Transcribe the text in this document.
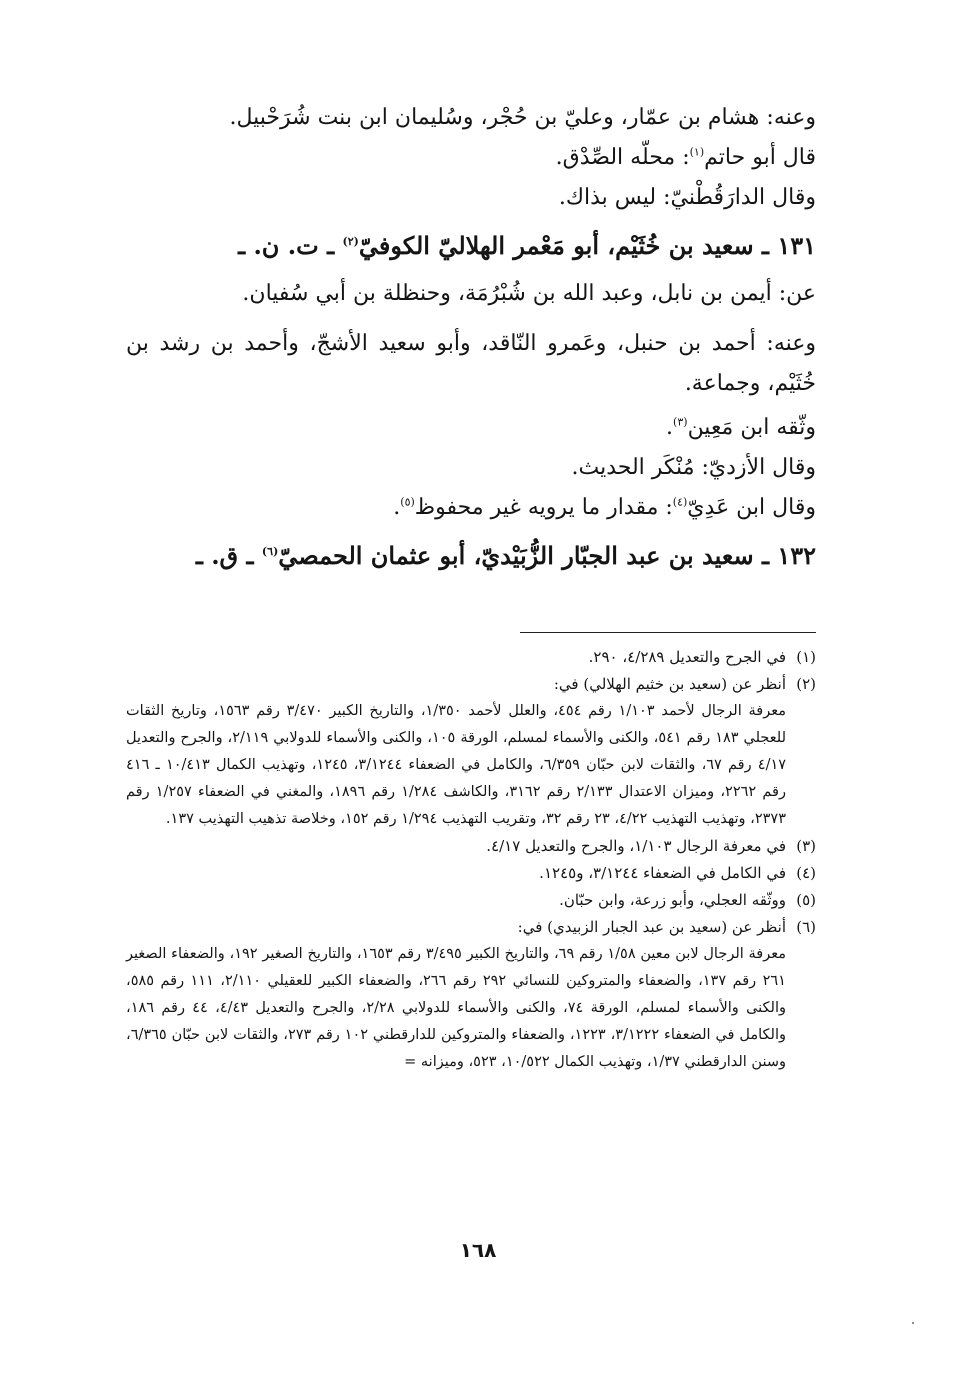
وعنه: هشام بن عمّار، وعليّ بن حُجْر، وسُليمان ابن بنت شُرَحْبيل.
قال أبو حاتم$^{(١)}$: محلّه الصِّدْق.
وقال الدارَقُطْنيّ: ليس بذاك.
١٣١ ـ سعيد بن خُثَيْم، أبو مَعْمر الهلاليّ الكوفيّ$^{(٢)}$ ـ ت. ن. ـ
عن: أيمن بن نابل، وعبد الله بن شُبْرُمَة، وحنظلة بن أبي سُفيان.
وعنه: أحمد بن حنبل، وعَمرو النّاقد، وأبو سعيد الأشجّ، وأحمد بن رشد بن خُثَيْم، وجماعة.
وثّقه ابن مَعِين$^{(٣)}$.
وقال الأزديّ: مُنْكَر الحديث.
وقال ابن عَدِيّ$^{(٤)}$: مقدار ما يرويه غير محفوظ$^{(٥)}$.
١٣٢ ـ سعيد بن عبد الجبّار الزُّبَيْديّ، أبو عثمان الحمصيّ$^{(٦)}$ ـ ق. ـ
(١)
في الجرح والتعديل ٤/٢٨٩، ٢٩٠.
(٢)
أنظر عن (سعيد بن خثيم الهلالي) في:
معرفة الرجال لأحمد ١/١٠٣ رقم ٤٥٤، والعلل لأحمد ١/٣٥٠، والتاريخ الكبير ٣/٤٧٠ رقم ١٥٦٣، وتاريخ الثقات للعجلي ١٨٣ رقم ٥٤١، والكنى والأسماء لمسلم، الورقة ١٠٥، والكنى والأسماء للدولابي ٢/١١٩، والجرح والتعديل ٤/١٧ رقم ٦٧، والثقات لابن حبّان ٦/٣٥٩، والكامل في الضعفاء ٣/١٢٤٤، ١٢٤٥، وتهذيب الكمال ١٠/٤١٣ ـ ٤١٦ رقم ٢٢٦٢، وميزان الاعتدال ٢/١٣٣ رقم ٣١٦٢، والكاشف ١/٢٨٤ رقم ١٨٩٦، والمغني في الضعفاء ١/٢٥٧ رقم ٢٣٧٣، وتهذيب التهذيب ٤/٢٢، ٢٣ رقم ٣٢، وتقريب التهذيب ١/٢٩٤ رقم ١٥٢، وخلاصة تذهيب التهذيب ١٣٧.
(٣)
في معرفة الرجال ١/١٠٣، والجرح والتعديل ٤/١٧.
(٤)
في الكامل في الضعفاء ٣/١٢٤٤، و١٢٤٥.
(٥)
ووثّقه العجلي، وأبو زرعة، وابن حبّان.
(٦)
أنظر عن (سعيد بن عبد الجبار الزبيدي) في:
معرفة الرجال لابن معين ١/٥٨ رقم ٦٩، والتاريخ الكبير ٣/٤٩٥ رقم ١٦٥٣، والتاريخ الصغير ١٩٢، والضعفاء الصغير ٢٦١ رقم ١٣٧، والضعفاء والمتروكين للنسائي ٢٩٢ رقم ٢٦٦، والضعفاء الكبير للعقيلي ٢/١١٠، ١١١ رقم ٥٨٥، والكنى والأسماء لمسلم، الورقة ٧٤، والكنى والأسماء للدولابي ٢/٢٨، والجرح والتعديل ٤/٤٣، ٤٤ رقم ١٨٦، والكامل في الضعفاء ٣/١٢٢٢، ١٢٢٣، والضعفاء والمتروكين للدارقطني ١٠٢ رقم ٢٧٣، والثقات لابن حبّان ٦/٣٦٥، وسنن الدارقطني ١/٣٧، وتهذيب الكمال ١٠/٥٢٢، ٥٢٣، وميزانه =
١٦٨
